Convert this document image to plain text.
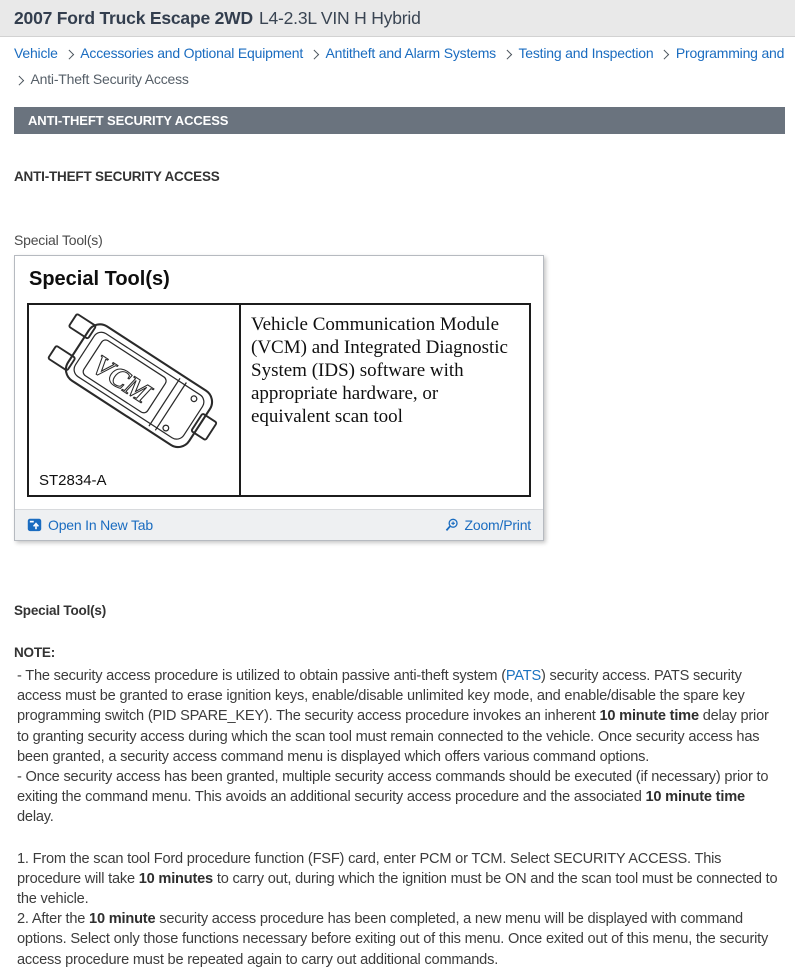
2007 Ford Truck Escape 2WD L4-2.3L VIN H Hybrid
Vehicle Accessories and Optional Equipment Antitheft and Alarm Systems Testing and Inspection Programming and
Anti-Theft Security Access
ANTI-THEFT SECURITY ACCESS
ANTI-THEFT SECURITY ACCESS
Special Tool(s)
Special Tool(s)
VCM
ST2834-A
	Vehicle Communication Module (VCM) and Integrated Diagnostic System (IDS) software with appropriate hardware, or equivalent scan tool
Open In New Tab	Zoom/Print
Special Tool(s)
NOTE:

- The security access procedure is utilized to obtain passive anti-theft system (PATS) security access. PATS security access must be granted to erase ignition keys, enable/disable unlimited key mode, and enable/disable the spare key programming switch (PID SPARE_KEY). The security access procedure invokes an inherent 10 minute time delay prior to granting security access during which the scan tool must remain connected to the vehicle. Once security access has been granted, a security access command menu is displayed which offers various command options.

- Once security access has been granted, multiple security access commands should be executed (if necessary) prior to exiting the command menu. This avoids an additional security access procedure and the associated 10 minute time delay.

1. From the scan tool Ford procedure function (FSF) card, enter PCM or TCM. Select SECURITY ACCESS. This procedure will take 10 minutes to carry out, during which the ignition must be ON and the scan tool must be connected to the vehicle.

2. After the 10 minute security access procedure has been completed, a new menu will be displayed with command options. Select only those functions necessary before exiting out of this menu. Once exited out of this menu, the security access procedure must be repeated again to carry out additional commands.
